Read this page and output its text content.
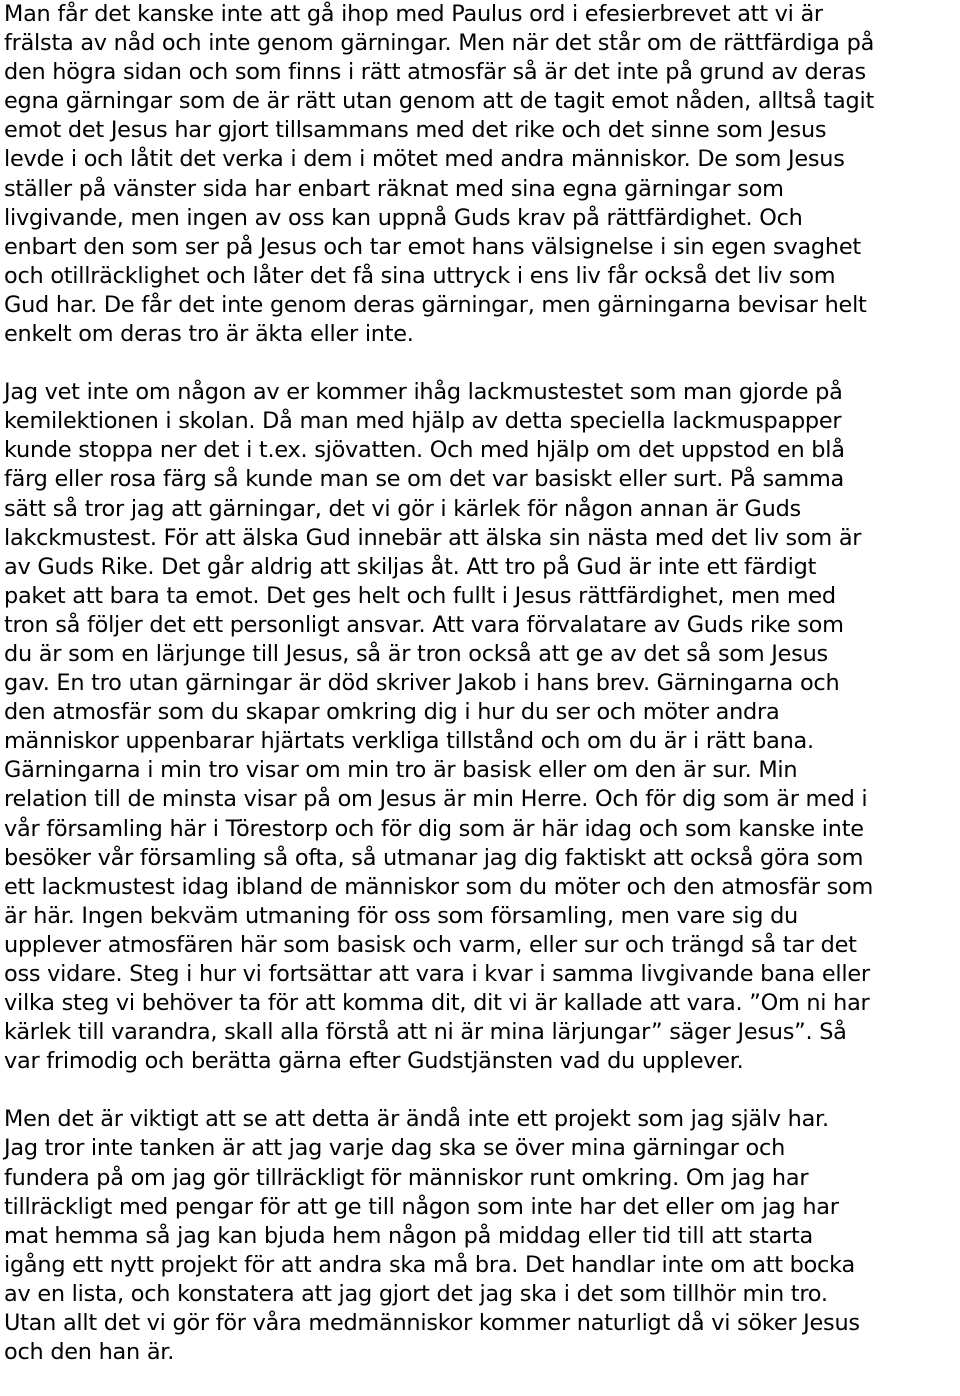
Man får det kanske inte att gå ihop med Paulus ord i efesierbrevet att vi är
frälsta av nåd och inte genom gärningar. Men när det står om de rättfärdiga på
den högra sidan och som finns i rätt atmosfär så är det inte på grund av deras
egna gärningar som de är rätt utan genom att de tagit emot nåden, alltså tagit
emot det Jesus har gjort tillsammans med det rike och det sinne som Jesus
levde i och låtit det verka i dem i mötet med andra människor. De som Jesus
ställer på vänster sida har enbart räknat med sina egna gärningar som
livgivande, men ingen av oss kan uppnå Guds krav på rättfärdighet. Och
enbart den som ser på Jesus och tar emot hans välsignelse i sin egen svaghet
och otillräcklighet och låter det få sina uttryck i ens liv får också det liv som
Gud har. De får det inte genom deras gärningar, men gärningarna bevisar helt
enkelt om deras tro är äkta eller inte.

Jag vet inte om någon av er kommer ihåg lackmustestet som man gjorde på
kemilektionen i skolan. Då man med hjälp av detta speciella lackmuspapper
kunde stoppa ner det i t.ex. sjövatten. Och med hjälp om det uppstod en blå
färg eller rosa färg så kunde man se om det var basiskt eller surt. På samma
sätt så tror jag att gärningar, det vi gör i kärlek för någon annan är Guds
lakckmustest. För att älska Gud innebär att älska sin nästa med det liv som är
av Guds Rike. Det går aldrig att skiljas åt. Att tro på Gud är inte ett färdigt
paket att bara ta emot. Det ges helt och fullt i Jesus rättfärdighet, men med
tron så följer det ett personligt ansvar. Att vara förvalatare av Guds rike som
du är som en lärjunge till Jesus, så är tron också att ge av det så som Jesus
gav. En tro utan gärningar är död skriver Jakob i hans brev. Gärningarna och
den atmosfär som du skapar omkring dig i hur du ser och möter andra
människor uppenbarar hjärtats verkliga tillstånd och om du är i rätt bana.
Gärningarna i min tro visar om min tro är basisk eller om den är sur. Min
relation till de minsta visar på om Jesus är min Herre. Och för dig som är med i
vår församling här i Törestorp och för dig som är här idag och som kanske inte
besöker vår församling så ofta, så utmanar jag dig faktiskt att också göra som
ett lackmustest idag ibland de människor som du möter och den atmosfär som
är här. Ingen bekväm utmaning för oss som församling, men vare sig du
upplever atmosfären här som basisk och varm, eller sur och trängd så tar det
oss vidare. Steg i hur vi fortsättar att vara i kvar i samma livgivande bana eller
vilka steg vi behöver ta för att komma dit, dit vi är kallade att vara. ”Om ni har
kärlek till varandra, skall alla förstå att ni är mina lärjungar” säger Jesus”. Så
var frimodig och berätta gärna efter Gudstjänsten vad du upplever.

Men det är viktigt att se att detta är ändå inte ett projekt som jag själv har.
Jag tror inte tanken är att jag varje dag ska se över mina gärningar och
fundera på om jag gör tillräckligt för människor runt omkring. Om jag har
tillräckligt med pengar för att ge till någon som inte har det eller om jag har
mat hemma så jag kan bjuda hem någon på middag eller tid till att starta
igång ett nytt projekt för att andra ska må bra. Det handlar inte om att bocka
av en lista, och konstatera att jag gjort det jag ska i det som tillhör min tro.
Utan allt det vi gör för våra medmänniskor kommer naturligt då vi söker Jesus
och den han är.
